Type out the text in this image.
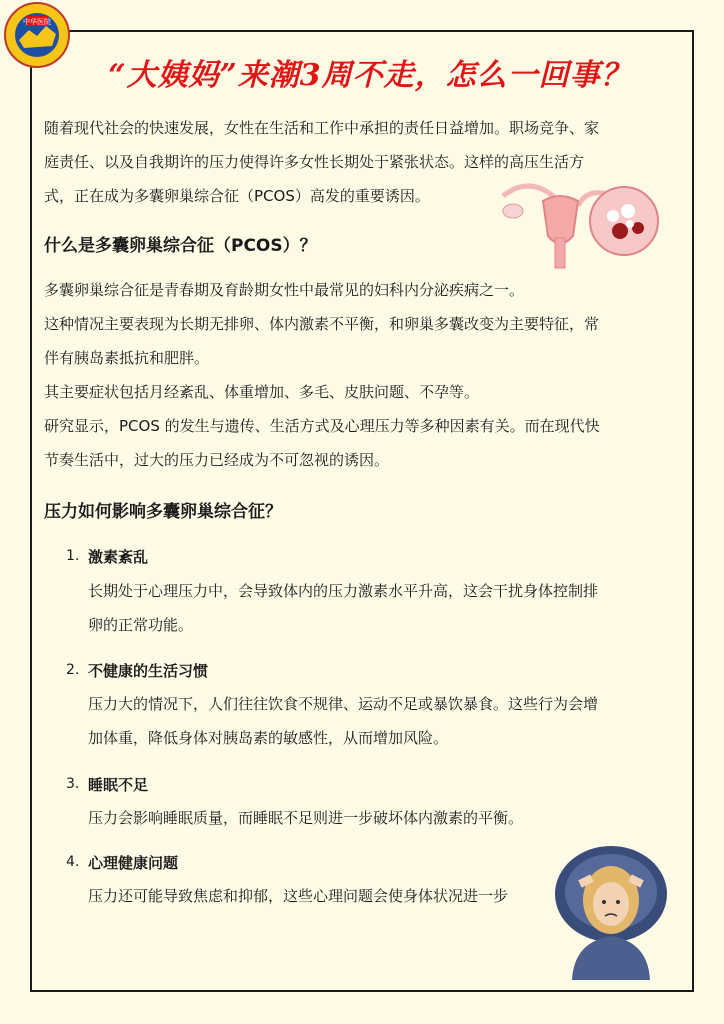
中华医院
“大姨妈”来潮3周不走，怎么一回事？

随着现代社会的快速发展，女性在生活和工作中承担的责任日益增加。职场竞争、家

庭责任、以及自我期许的压力使得许多女性长期处于紧张状态。这样的高压生活方

式，正在成为多囊卵巢综合征（PCOS）高发的重要诱因。

什么是多囊卵巢综合征（PCOS）？

多囊卵巢综合征是青春期及育龄期女性中最常见的妇科内分泌疾病之一。

这种情况主要表现为长期无排卵、体内激素不平衡，和卵巢多囊改变为主要特征，常

伴有胰岛素抵抗和肥胖。

其主要症状包括月经紊乱、体重增加、多毛、皮肤问题、不孕等。

研究显示，PCOS 的发生与遗传、生活方式及心理压力等多种因素有关。而在现代快

节奏生活中，过大的压力已经成为不可忽视的诱因。

压力如何影响多囊卵巢综合征？

1. 激素紊乱
长期处于心理压力中，会导致体内的压力激素水平升高，这会干扰身体控制排
卵的正常功能。
2. 不健康的生活习惯
压力大的情况下，人们往往饮食不规律、运动不足或暴饮暴食。这些行为会增
加体重，降低身体对胰岛素的敏感性，从而增加风险。
3. 睡眠不足
压力会影响睡眠质量，而睡眠不足则进一步破坏体内激素的平衡。
4. 心理健康问题
压力还可能导致焦虑和抑郁，这些心理问题会使身体状况进一步
